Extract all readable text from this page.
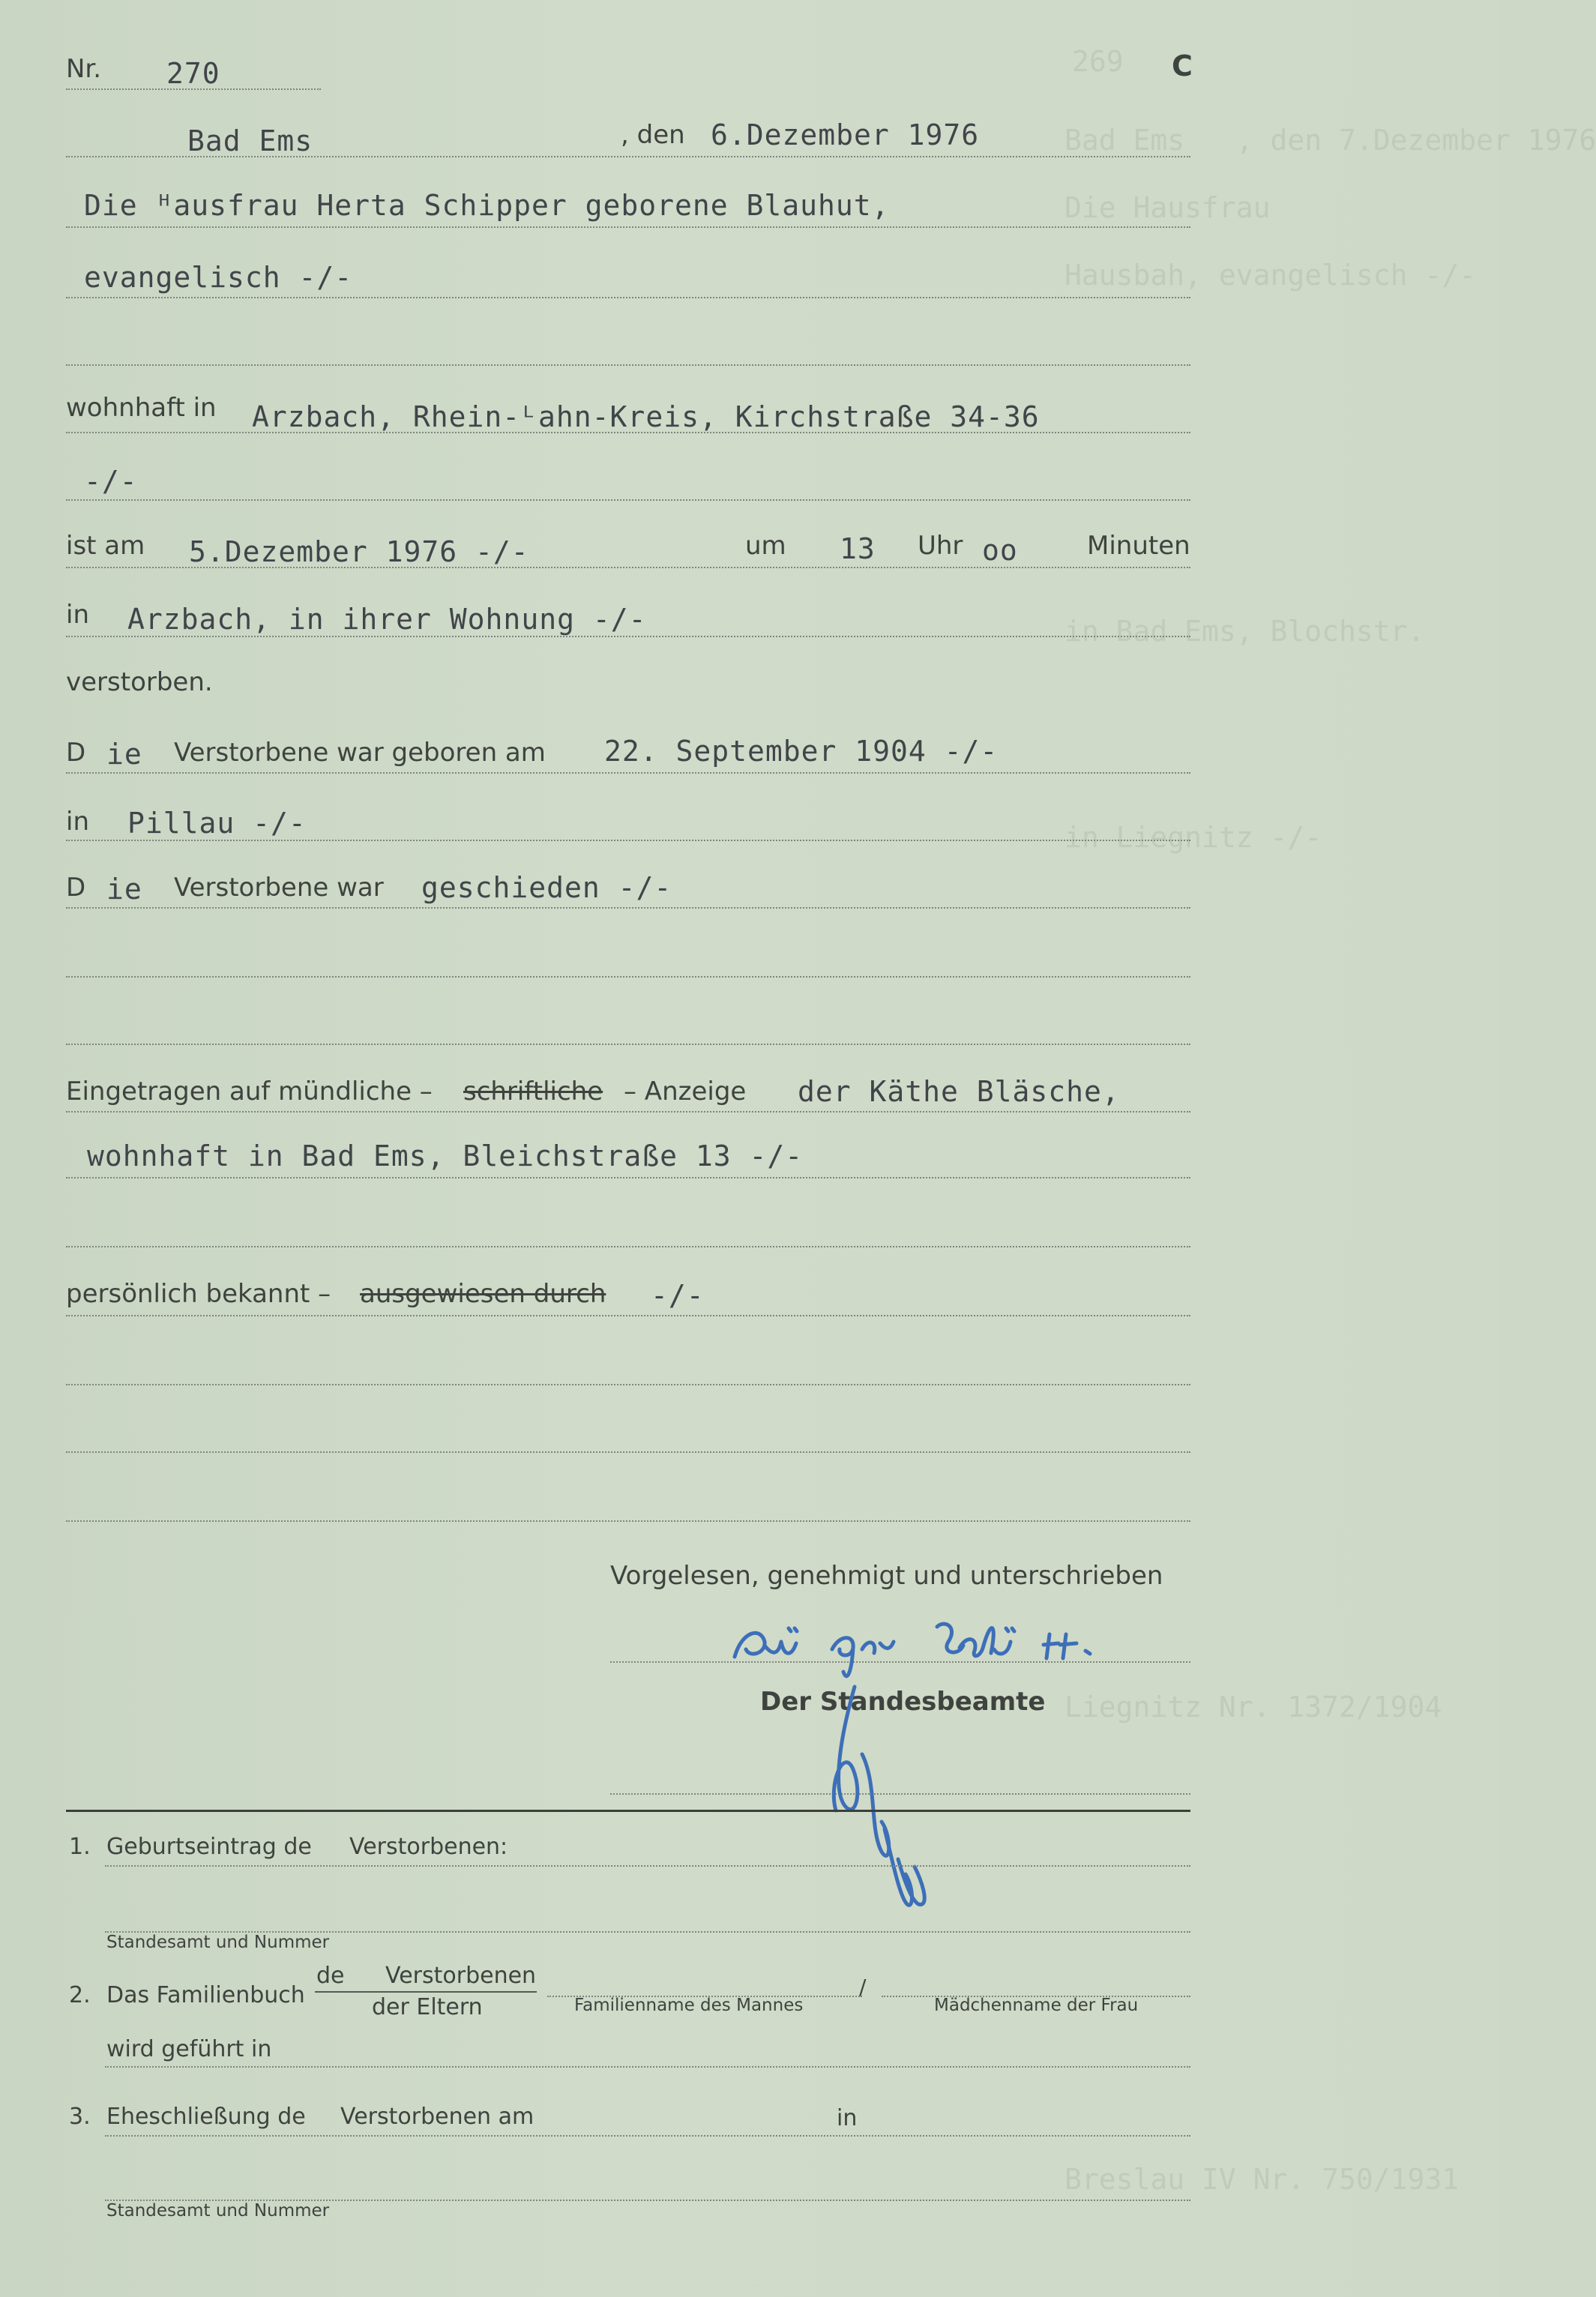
269
Bad Ems   , den 7.Dezember 1976
Die Hausfrau
Hausbah, evangelisch -/-
in Bad Ems, Blochstr.
in Liegnitz -/-
Liegnitz Nr. 1372/1904
Breslau IV Nr. 750/1931
Nr. 270	C
Bad Ems	, den 6.Dezember 1976
Die ᴴausfrau Herta Schipper geborene Blauhut,
evangelisch -/-
wohnhaft in Arzbach, Rhein-ᴸahn-Kreis, Kirchstraße 34-36
-/-
ist am 5.Dezember 1976 -/-	um 13 Uhr oo	Minuten
in Arzbach, in ihrer Wohnung -/-
verstorben.
D ie Verstorbene war geboren am 22. September 1904 -/-
in Pillau -/-
D ie Verstorbene war geschieden -/-
Eingetragen auf mündliche – schriftliche – Anzeige der Käthe Bläsche,
wohnhaft in Bad Ems, Bleichstraße 13 -/-
persönlich bekannt – ausgewiesen durch -/-
Vorgelesen, genehmigt und unterschrieben
Der Standesbeamte
1. Geburtseintrag de Verstorbenen:
Standesamt und Nummer
2. Das Familienbuch
de Verstorbenen
der Eltern	Familienname des Mannes
/
Mädchenname der Frau
wird geführt in
3. Eheschließung de Verstorbenen am	in
Standesamt und Nummer
